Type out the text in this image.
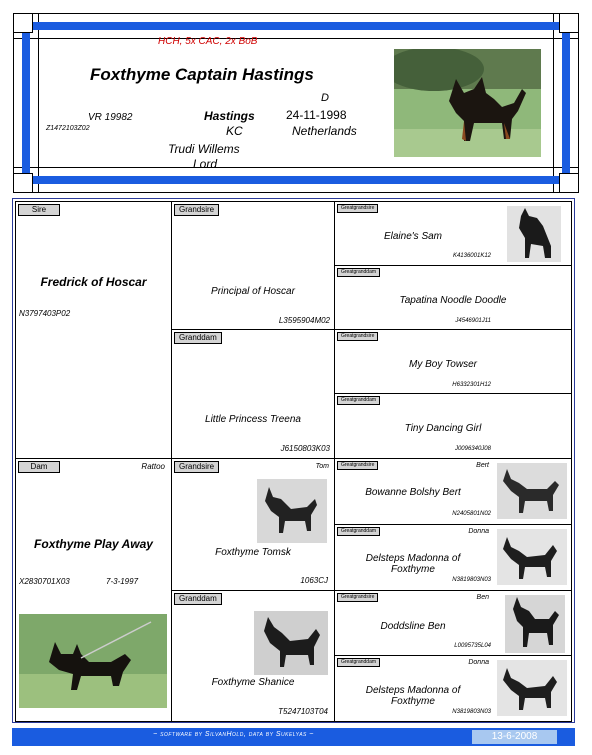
HCH, 5x CAC, 2x BoB
Foxthyme Captain Hastings
D
VR 19982	Hastings	24-11-1998
Z1472103Z02	KC	Netherlands
Trudi Willems
Lord
Sire
Fredrick of Hoscar
N3797403P02
Dam	Rattoo
Foxthyme Play Away
X2830701X03	7-3-1997
Grandsire
Principal of Hoscar
L3595904M02
Granddam
Little Princess Treena
J6150803K03
Grandsire	Tom
Foxthyme Tomsk
1063CJ
Granddam
Foxthyme Shanice
T5247103T04
Greatgrandsire
Elaine's Sam
K4136001K12
Greatgranddam
Tapatina Noodle Doodle
J4546901J11
Greatgrandsire
My Boy Towser
H6332301H12
Greatgranddam
Tiny Dancing Girl
J0096340J08
Greatgrandsire	Bert
Bowanne Bolshy Bert
N2405801N02
Greatgranddam	Donna
Delsteps Madonna of Foxthyme
N3819803N03
Greatgrandsire	Ben
Doddsline Ben
L0095735L04
Greatgranddam	Donna
Delsteps Madonna of Foxthyme
N3819803N03
~ software by SilvanHold, data by Sukelyas ~	13-6-2008
